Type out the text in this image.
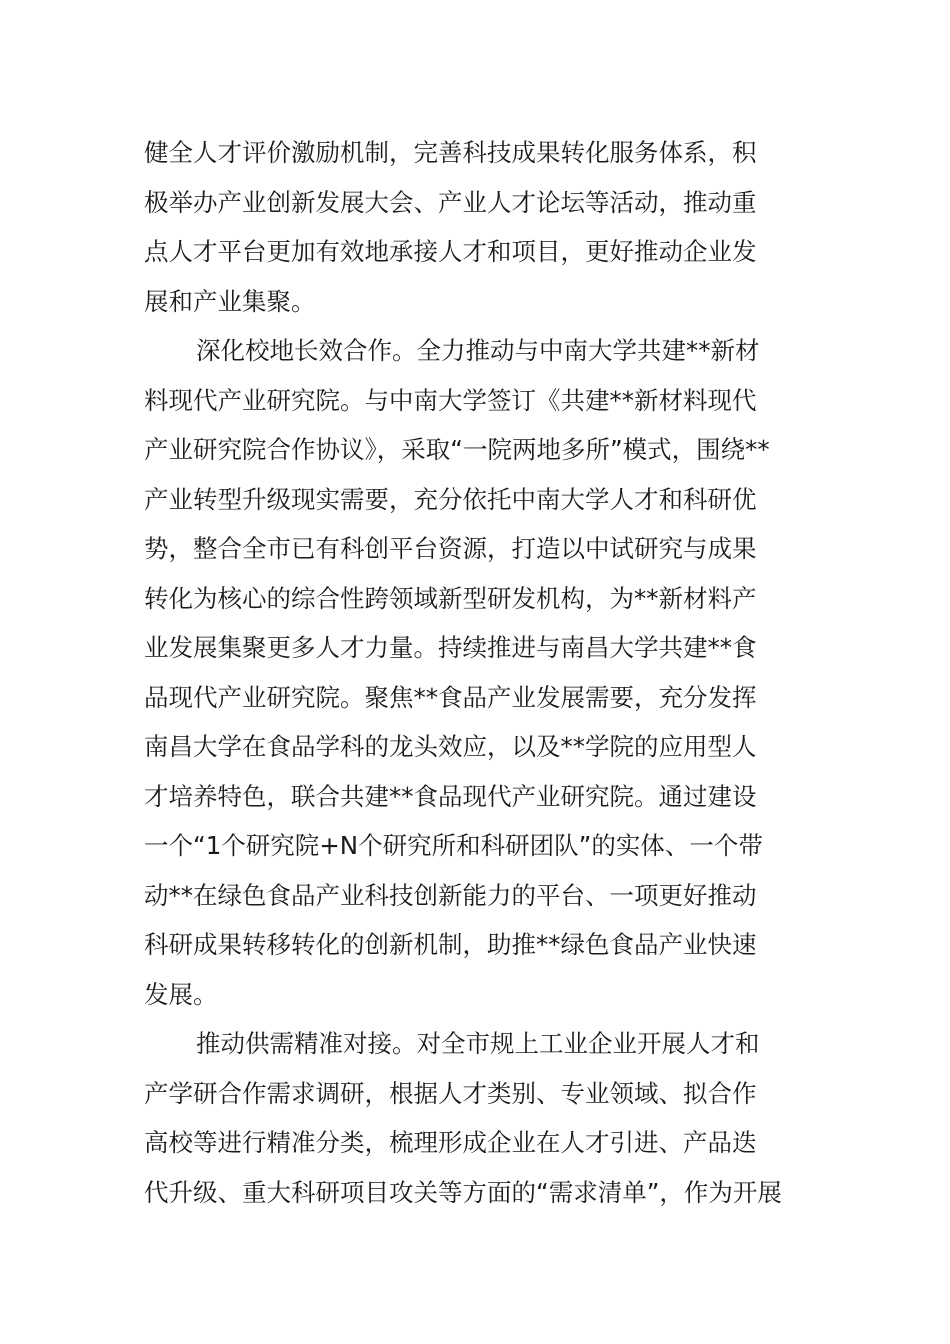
健全人才评价激励机制，完善科技成果转化服务体系，积
极举办产业创新发展大会、产业人才论坛等活动，推动重
点人才平台更加有效地承接人才和项目，更好推动企业发
展和产业集聚。
深化校地长效合作。全力推动与中南大学共建**新材
料现代产业研究院。与中南大学签订《共建**新材料现代
产业研究院合作协议》，采取“一院两地多所”模式，围绕**
产业转型升级现实需要，充分依托中南大学人才和科研优
势，整合全市已有科创平台资源，打造以中试研究与成果
转化为核心的综合性跨领域新型研发机构，为**新材料产
业发展集聚更多人才力量。持续推进与南昌大学共建**食
品现代产业研究院。聚焦**食品产业发展需要，充分发挥
南昌大学在食品学科的龙头效应，以及**学院的应用型人
才培养特色，联合共建**食品现代产业研究院。通过建设
一个“1个研究院+N个研究所和科研团队”的实体、一个带
动**在绿色食品产业科技创新能力的平台、一项更好推动
科研成果转移转化的创新机制，助推**绿色食品产业快速
发展。
推动供需精准对接。对全市规上工业企业开展人才和
产学研合作需求调研，根据人才类别、专业领域、拟合作
高校等进行精准分类，梳理形成企业在人才引进、产品迭
代升级、重大科研项目攻关等方面的“需求清单”，作为开展
